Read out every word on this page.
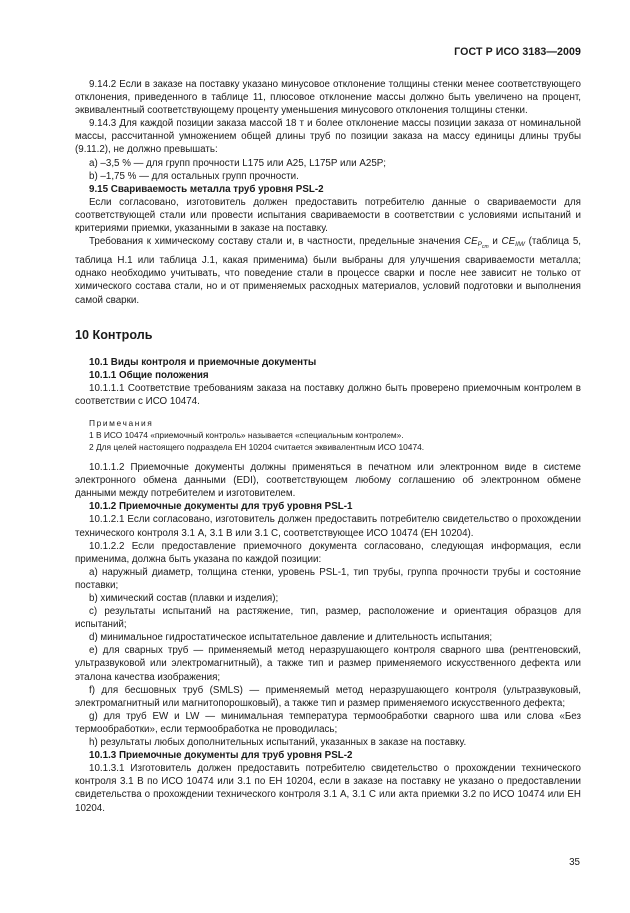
ГОСТ Р ИСО 3183—2009

9.14.2 Если в заказе на поставку указано минусовое отклонение толщины стенки менее соответствующего отклонения, приведенного в таблице 11, плюсовое отклонение массы должно быть увеличено на процент, эквивалентный соответствующему проценту уменьшения минусового отклонения толщины стенки.

9.14.3 Для каждой позиции заказа массой 18 т и более отклонение массы позиции заказа от номинальной массы, рассчитанной умножением общей длины труб по позиции заказа на массу единицы длины трубы (9.11.2), не должно превышать:

a) –3,5 % — для групп прочности L175 или A25, L175P или A25P;

b) –1,75 % — для остальных групп прочности.

9.15 Свариваемость металла труб уровня PSL-2

Если согласовано, изготовитель должен предоставить потребителю данные о свариваемости для соответствующей стали или провести испытания свариваемости в соответствии с условиями испытаний и критериями приемки, указанными в заказе на поставку.

Требования к химическому составу стали и, в частности, предельные значения $CE_{P_{cm}}$ и $CE_{IIW}$ (таблица 5, таблица H.1 или таблица J.1, какая применима) были выбраны для улучшения свариваемости металла; однако необходимо учитывать, что поведение стали в процессе сварки и после нее зависит не только от химического состава стали, но и от применяемых расходных материалов, условий подготовки и выполнения самой сварки.

10 Контроль

10.1 Виды контроля и приемочные документы

10.1.1 Общие положения

10.1.1.1 Соответствие требованиям заказа на поставку должно быть проверено приемочным контролем в соответствии с ИСО 10474.

Примечания

1 В ИСО 10474 «приемочный контроль» называется «специальным контролем».

2 Для целей настоящего подраздела ЕН 10204 считается эквивалентным ИСО 10474.

10.1.1.2 Приемочные документы должны применяться в печатном или электронном виде в системе электронного обмена данными (EDI), соответствующем любому соглашению об электронном обмене данными между потребителем и изготовителем.

10.1.2 Приемочные документы для труб уровня PSL-1

10.1.2.1 Если согласовано, изготовитель должен предоставить потребителю свидетельство о прохождении технического контроля 3.1 А, 3.1 В или 3.1 С, соответствующее ИСО 10474 (ЕН 10204).

10.1.2.2 Если предоставление приемочного документа согласовано, следующая информация, если применима, должна быть указана по каждой позиции:

a) наружный диаметр, толщина стенки, уровень PSL-1, тип трубы, группа прочности трубы и состояние поставки;

b) химический состав (плавки и изделия);

c) результаты испытаний на растяжение, тип, размер, расположение и ориентация образцов для испытаний;

d) минимальное гидростатическое испытательное давление и длительность испытания;

e) для сварных труб — применяемый метод неразрушающего контроля сварного шва (рентгеновский, ультразвуковой или электромагнитный), а также тип и размер применяемого искусственного дефекта или эталона качества изображения;

f) для бесшовных труб (SMLS) — применяемый метод неразрушающего контроля (ультразвуковый, электромагнитный или магнитопорошковый), а также тип и размер применяемого искусственного дефекта;

g) для труб EW и LW — минимальная температура термообработки сварного шва или слова «Без термообработки», если термообработка не проводилась;

h) результаты любых дополнительных испытаний, указанных в заказе на поставку.

10.1.3 Приемочные документы для труб уровня PSL-2

10.1.3.1 Изготовитель должен предоставить потребителю свидетельство о прохождении технического контроля 3.1 В по ИСО 10474 или 3.1 по ЕН 10204, если в заказе на поставку не указано о предоставлении свидетельства о прохождении технического контроля 3.1 А, 3.1 С или акта приемки 3.2 по ИСО 10474 или ЕН 10204.

35
